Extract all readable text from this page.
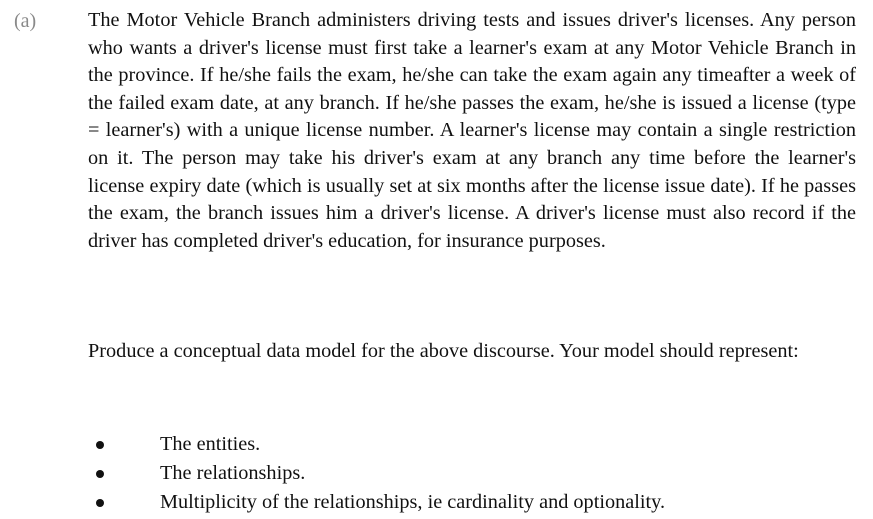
(a)	The Motor Vehicle Branch administers driving tests and issues driver's licenses. Any person who wants a driver's license must first take a learner's exam at any Motor Vehicle Branch in the province. If he/she fails the exam, he/she can take the exam again any timeafter a week of the failed exam date, at any branch. If he/she passes the exam, he/she is issued a license (type = learner's) with a unique license number. A learner's license may contain a single restriction on it. The person may take his driver's exam at any branch any time before the learner's license expiry date (which is usually set at six months after the license issue date). If he passes the exam, the branch issues him a driver's license. A driver's license must also record if the driver has completed driver's education, for insurance purposes.

Produce a conceptual data model for the above discourse. Your model should represent:

The entities.
The relationships.
Multiplicity of the relationships, ie cardinality and optionality.
